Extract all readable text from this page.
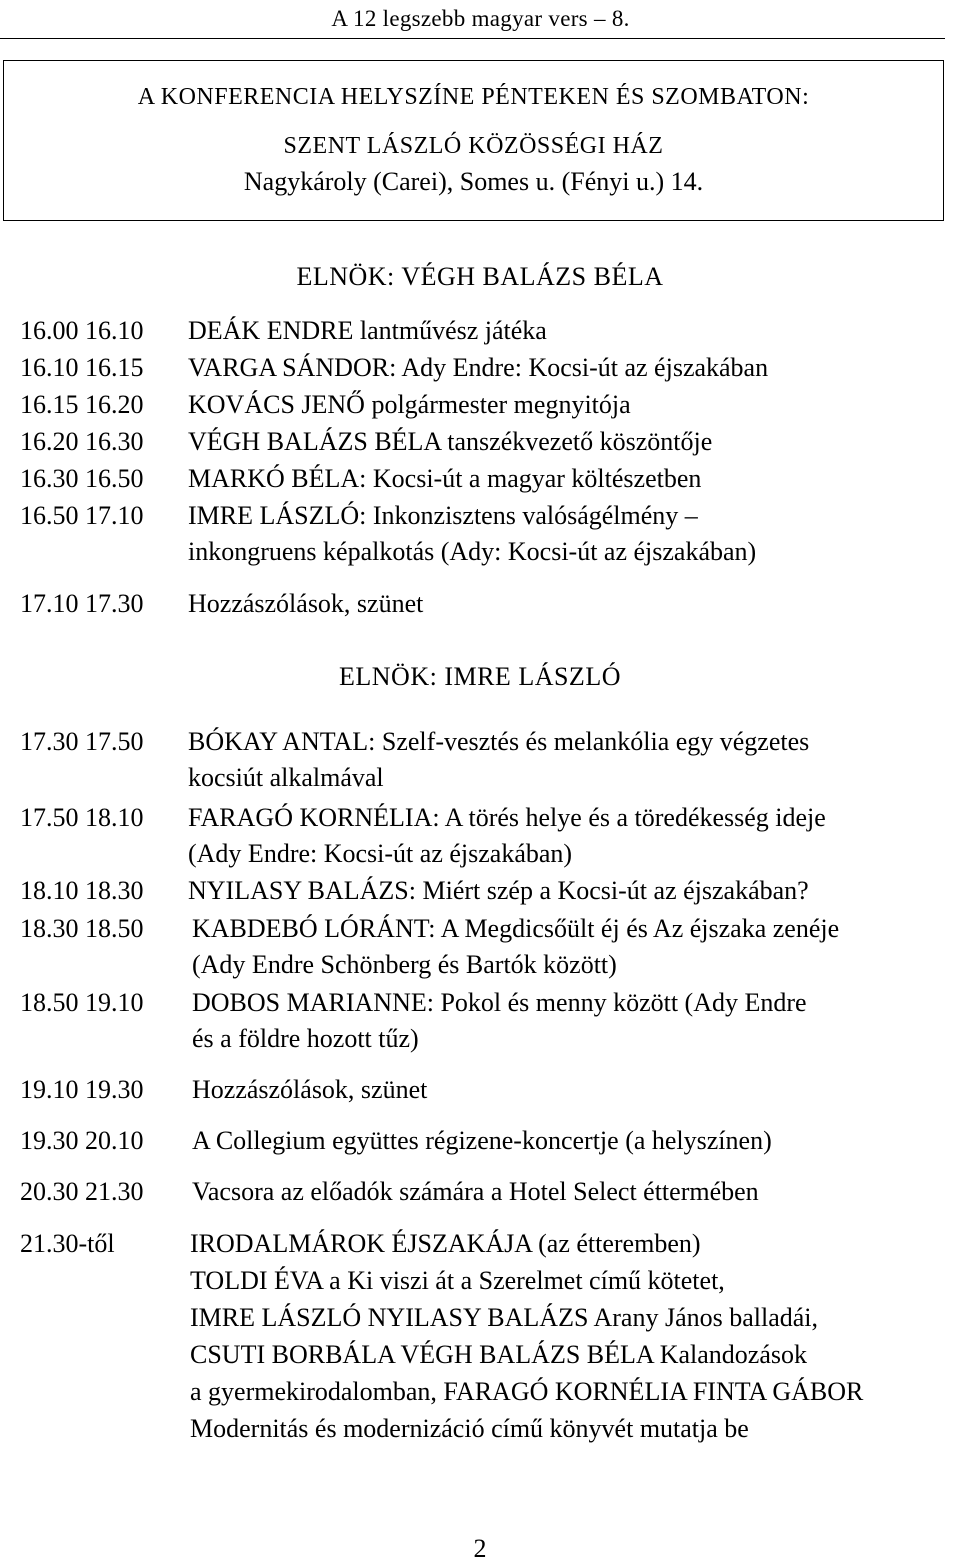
A 12 legszebb magyar vers – 8.
A KONFERENCIA HELYSZÍNE PÉNTEKEN ÉS SZOMBATON:
SZENT LÁSZLÓ KÖZÖSSÉGI HÁZ
Nagykároly (Carei), Somes u. (Fényi u.) 14.
ELNÖK: VÉGH BALÁZS BÉLA
16.00 16.10 DEÁK ENDRE lantművész játéka
16.10 16.15 VARGA SÁNDOR: Ady Endre: Kocsi-út az éjszakában
16.15 16.20 KOVÁCS JENŐ polgármester megnyitója
16.20 16.30 VÉGH BALÁZS BÉLA tanszékvezető köszöntője
16.30 16.50 MARKÓ BÉLA: Kocsi-út a magyar költészetben
16.50 17.10 IMRE LÁSZLÓ: Inkonzisztens valóságélmény –
inkongruens képalkotás (Ady: Kocsi-út az éjszakában)
17.10 17.30 Hozzászólások, szünet
ELNÖK: IMRE LÁSZLÓ
17.30 17.50 BÓKAY ANTAL: Szelf-vesztés és melankólia egy végzetes
kocsiút alkalmával
17.50 18.10 FARAGÓ KORNÉLIA: A törés helye és a töredékesség ideje
(Ady Endre: Kocsi-út az éjszakában)
18.10 18.30 NYILASY BALÁZS: Miért szép a Kocsi-út az éjszakában?
18.30 18.50 KABDEBÓ LÓRÁNT: A Megdicsőült éj és Az éjszaka zenéje
(Ady Endre Schönberg és Bartók között)
18.50 19.10 DOBOS MARIANNE: Pokol és menny között (Ady Endre
és a földre hozott tűz)
19.10 19.30 Hozzászólások, szünet
19.30 20.10 A Collegium együttes régizene-koncertje (a helyszínen)
20.30 21.30 Vacsora az előadók számára a Hotel Select éttermében
21.30-től	IRODALMÁROK ÉJSZAKÁJA (az étteremben)
TOLDI ÉVA a Ki viszi át a Szerelmet című kötetet,
IMRE LÁSZLÓ NYILASY BALÁZS Arany János balladái,
CSUTI BORBÁLA VÉGH BALÁZS BÉLA Kalandozások
a gyermekirodalomban, FARAGÓ KORNÉLIA FINTA GÁBOR
Modernitás és modernizáció című könyvét mutatja be
2
